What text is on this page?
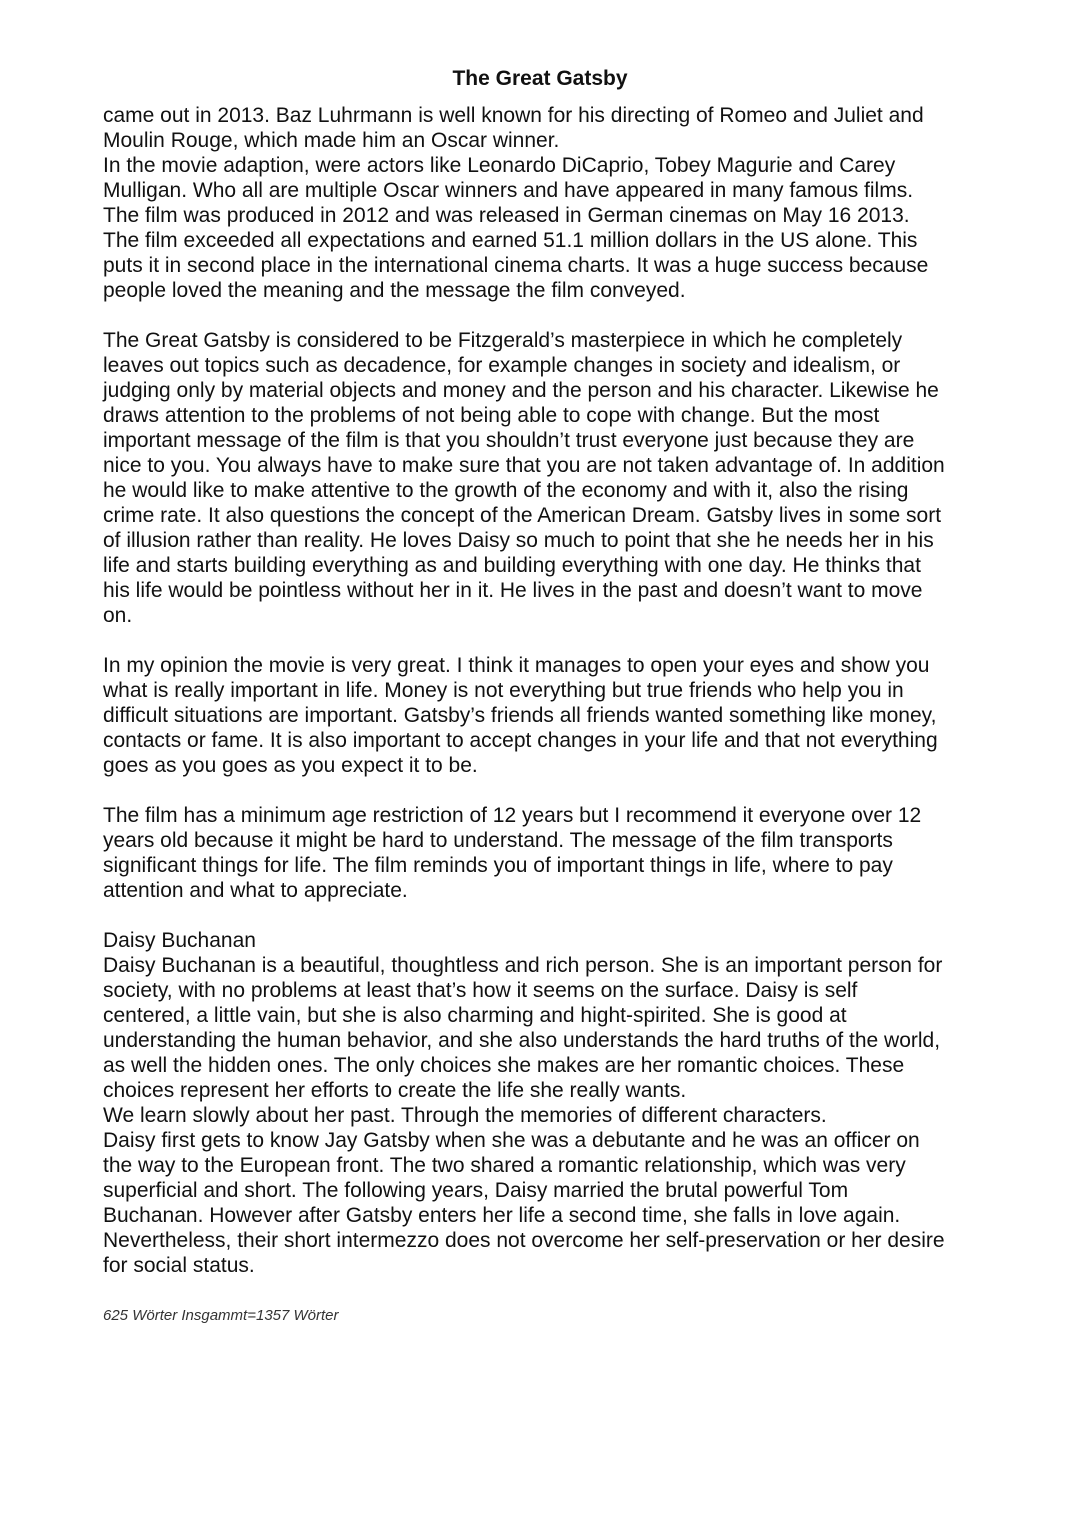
The Great Gatsby

came out in 2013. Baz Luhrmann is well known for his directing of Romeo and Juliet and
Moulin Rouge, which made him an Oscar winner.
In the movie adaption, were actors like Leonardo DiCaprio, Tobey Magurie and Carey
Mulligan. Who all are multiple Oscar winners and have appeared in many famous films.
The film was produced in 2012 and was released in German cinemas on May 16 2013.
The film exceeded all expectations and earned 51.1 million dollars in the US alone. This
puts it in second place in the international cinema charts. It was a huge success because
people loved the meaning and the message the film conveyed.

The Great Gatsby is considered to be Fitzgerald’s masterpiece in which he completely
leaves out topics such as decadence, for example changes in society and idealism, or
judging only by material objects and money and the person and his character. Likewise he
draws attention to the problems of not being able to cope with change. But the most
important message of the film is that you shouldn’t trust everyone just because they are
nice to you. You always have to make sure that you are not taken advantage of. In addition
he would like to make attentive to the growth of the economy and with it, also the rising
crime rate. It also questions the concept of the American Dream. Gatsby lives in some sort
of illusion rather than reality. He loves Daisy so much to point that she he needs her in his
life and starts building everything as and building everything with one day. He thinks that
his life would be pointless without her in it. He lives in the past and doesn’t want to move
on.

In my opinion the movie is very great. I think it manages to open your eyes and show you
what is really important in life. Money is not everything but true friends who help you in
difficult situations are important. Gatsby’s friends all friends wanted something like money,
contacts or fame. It is also important to accept changes in your life and that not everything
goes as you goes as you expect it to be.

The film has a minimum age restriction of 12 years but I recommend it everyone over 12
years old because it might be hard to understand. The message of the film transports
significant things for life. The film reminds you of important things in life, where to pay
attention and what to appreciate.

Daisy Buchanan
Daisy Buchanan is a beautiful, thoughtless and rich person. She is an important person for
society, with no problems at least that’s how it seems on the surface. Daisy is self
centered, a little vain, but she is also charming and hight-spirited. She is good at
understanding the human behavior, and she also understands the hard truths of the world,
as well the hidden ones. The only choices she makes are her romantic choices. These
choices represent her efforts to create the life she really wants.
We learn slowly about her past. Through the memories of different characters.
Daisy first gets to know Jay Gatsby when she was a debutante and he was an officer on
the way to the European front. The two shared a romantic relationship, which was very
superficial and short. The following years, Daisy married the brutal powerful Tom
Buchanan. However after Gatsby enters her life a second time, she falls in love again.
Nevertheless, their short intermezzo does not overcome her self-preservation or her desire
for social status.

625 Wörter Insgammt=1357 Wörter
